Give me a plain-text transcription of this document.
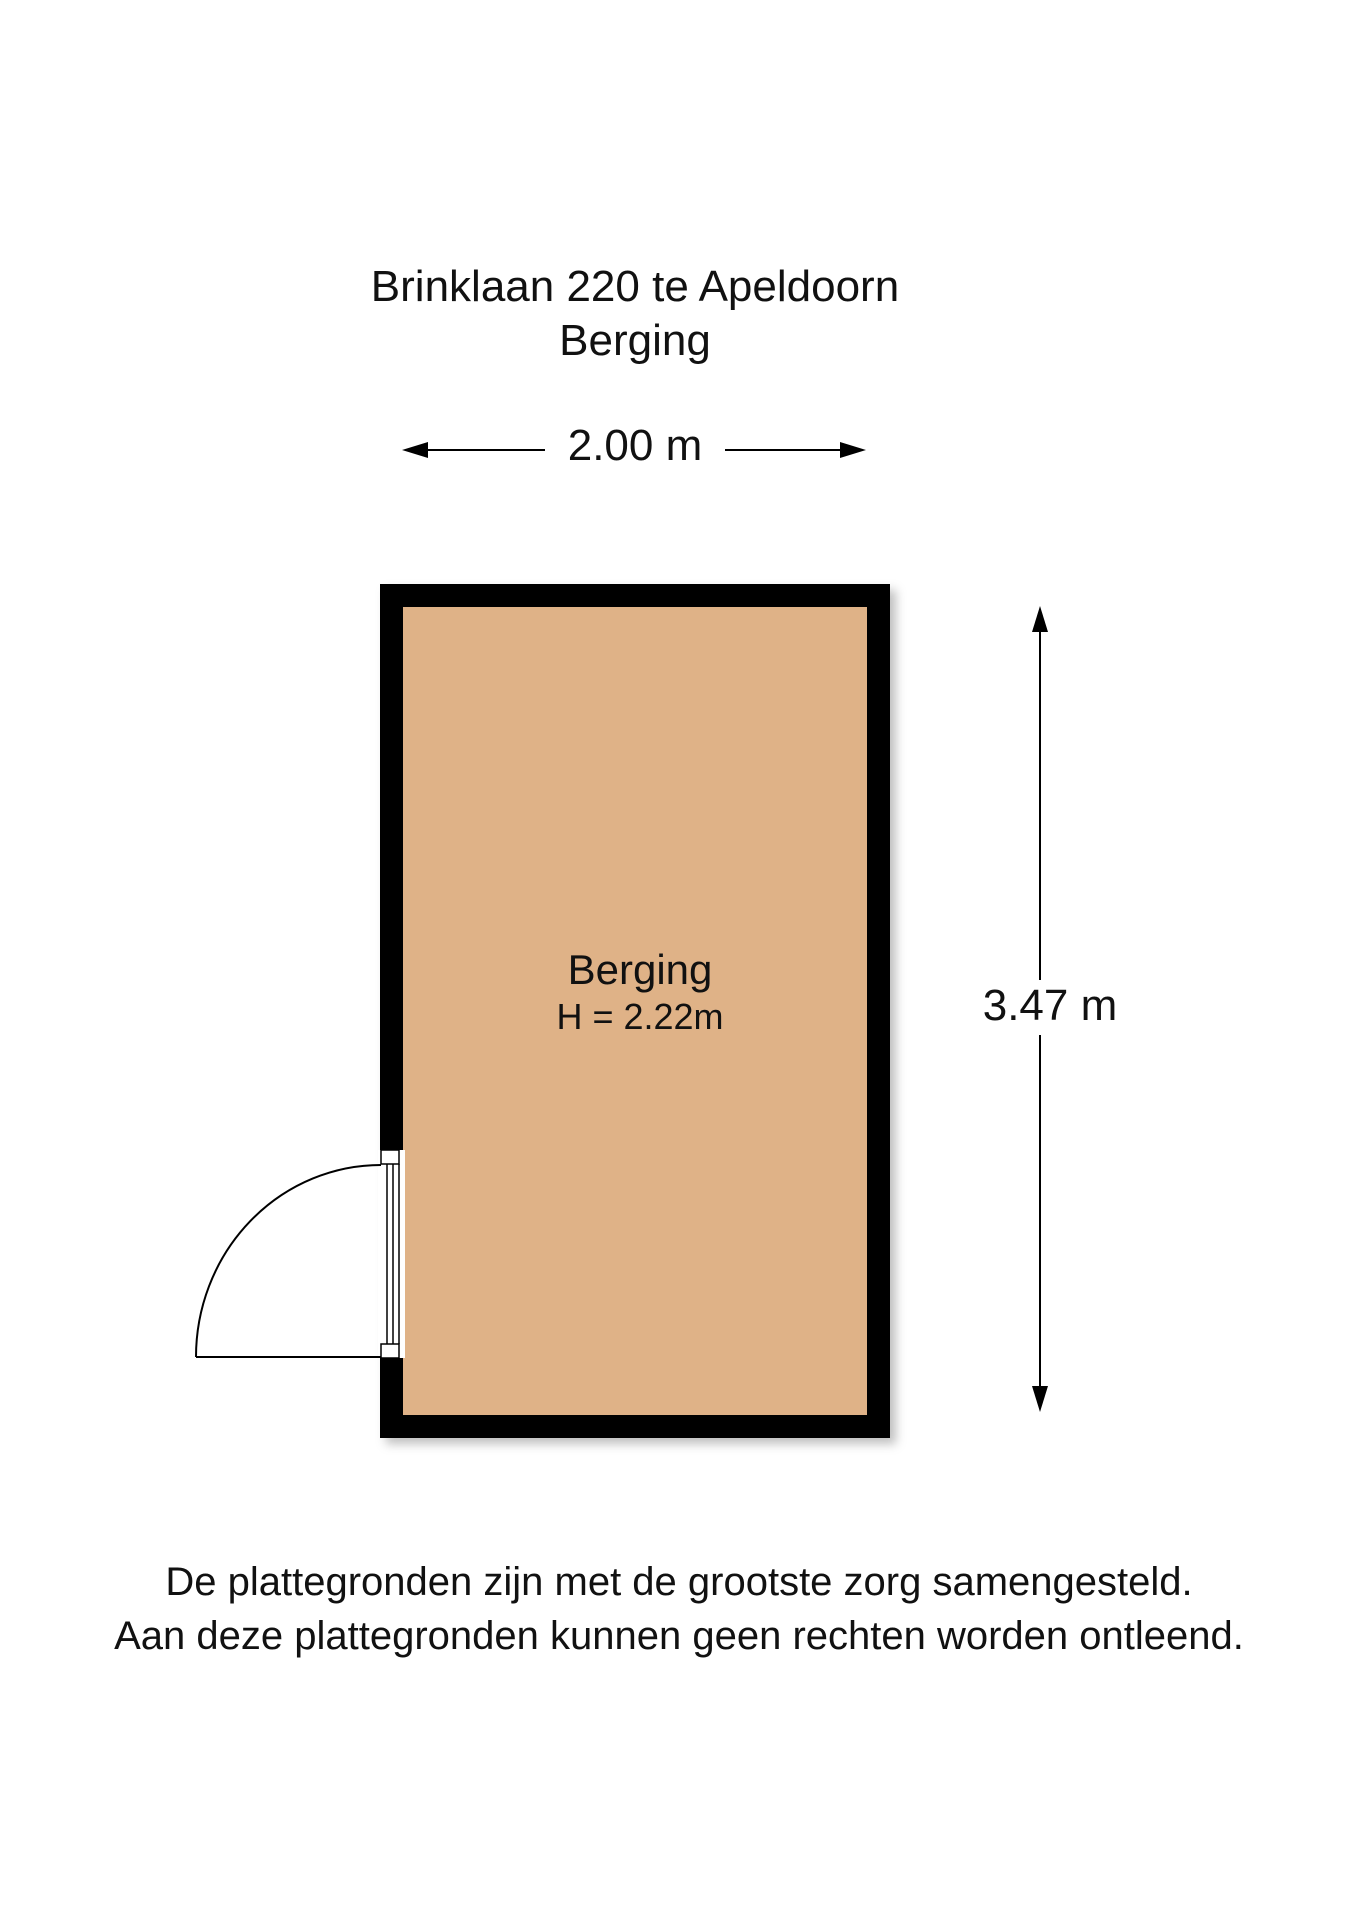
Brinklaan 220 te Apeldoorn
Berging
2.00 m
3.47 m
Berging
H = 2.22m
De plattegronden zijn met de grootste zorg samengesteld.
Aan deze plattegronden kunnen geen rechten worden ontleend.
